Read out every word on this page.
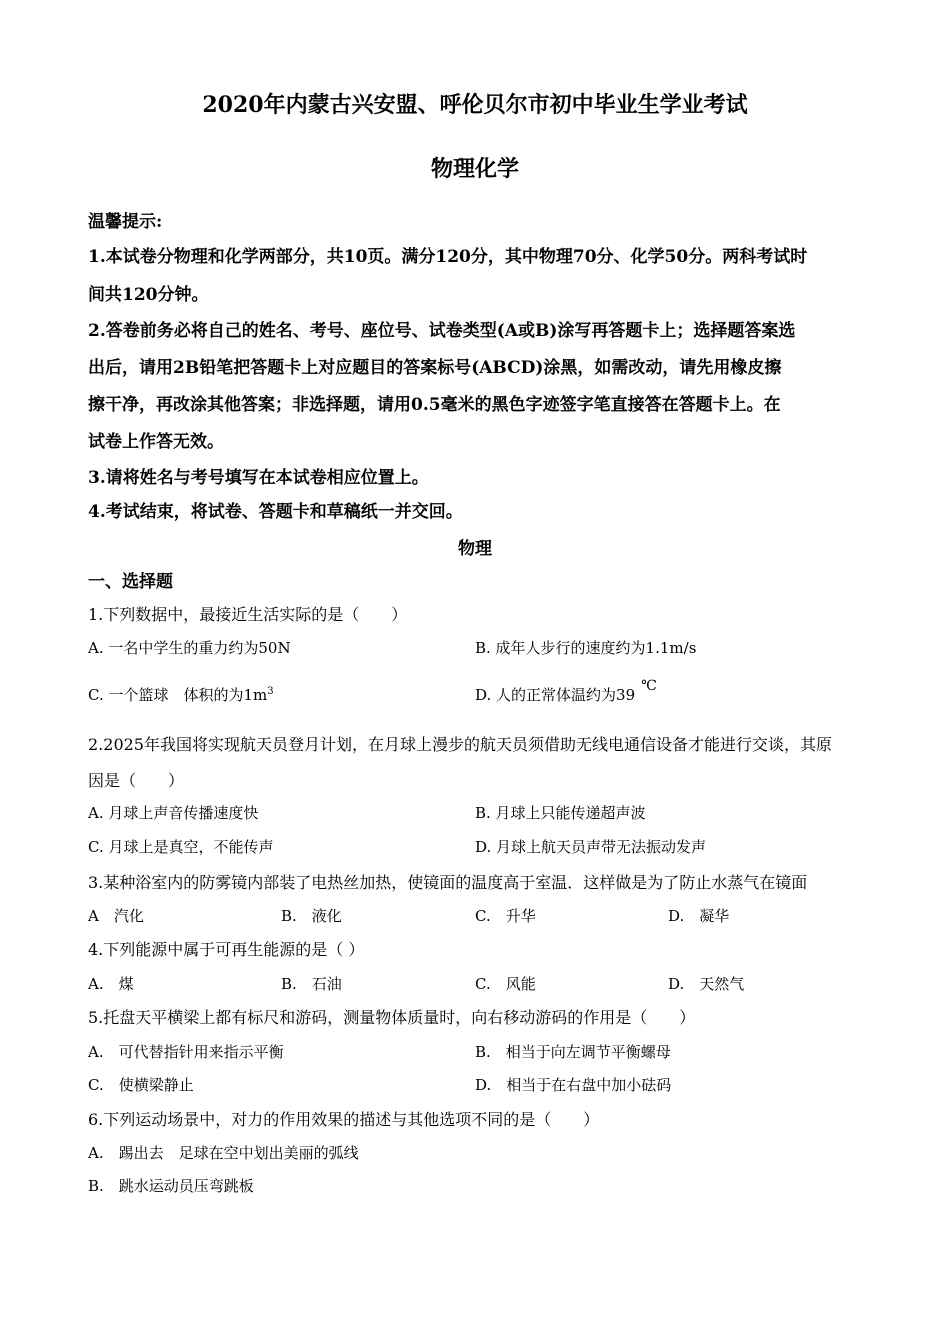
2020年内蒙古兴安盟、呼伦贝尔市初中毕业生学业考试
物理化学
温馨提示:
1.本试卷分物理和化学两部分，共10页。满分120分，其中物理70分、化学50分。两科考试时
间共120分钟。
2.答卷前务必将自己的姓名、考号、座位号、试卷类型(A或B)涂写再答题卡上；选择题答案选
出后，请用2B铅笔把答题卡上对应题目的答案标号(ABCD)涂黑，如需改动，请先用橡皮擦
擦干净，再改涂其他答案；非选择题，请用0.5毫米的黑色字迹签字笔直接答在答题卡上。在
试卷上作答无效。
3.请将姓名与考号填写在本试卷相应位置上。
4.考试结束，将试卷、答题卡和草稿纸一并交回。
物理
一、选择题
1.下列数据中，最接近生活实际的是（　　）
A. 一名中学生的重力约为50N	B. 成年人步行的速度约为1.1m/s
C. 一个篮球　体积的为$1m^3$	D. 人的正常体温约为39 ℃
2.2025年我国将实现航天员登月计划，在月球上漫步的航天员须借助无线电通信设备才能进行交谈，其原
因是（　　）
A. 月球上声音传播速度快	B. 月球上只能传递超声波
C. 月球上是真空，不能传声	D. 月球上航天员声带无法振动发声
3.某种浴室内的防雾镜内部装了电热丝加热，使镜面的温度高于室温．这样做是为了防止水蒸气在镜面
A　汽化	B.　液化	C.　升华	D.　凝华
4.下列能源中属于可再生能源的是（ ）
A.　煤	B.　石油	C.　风能	D.　天然气
5.托盘天平横梁上都有标尺和游码，测量物体质量时，向右移动游码的作用是（　　）
A.　可代替指针用来指示平衡	B.　相当于向左调节平衡螺母
C.　使横梁静止	D.　相当于在右盘中加小砝码
6.下列运动场景中，对力的作用效果的描述与其他选项不同的是（　　）
A.　踢出去　足球在空中划出美丽的弧线
B.　跳水运动员压弯跳板
